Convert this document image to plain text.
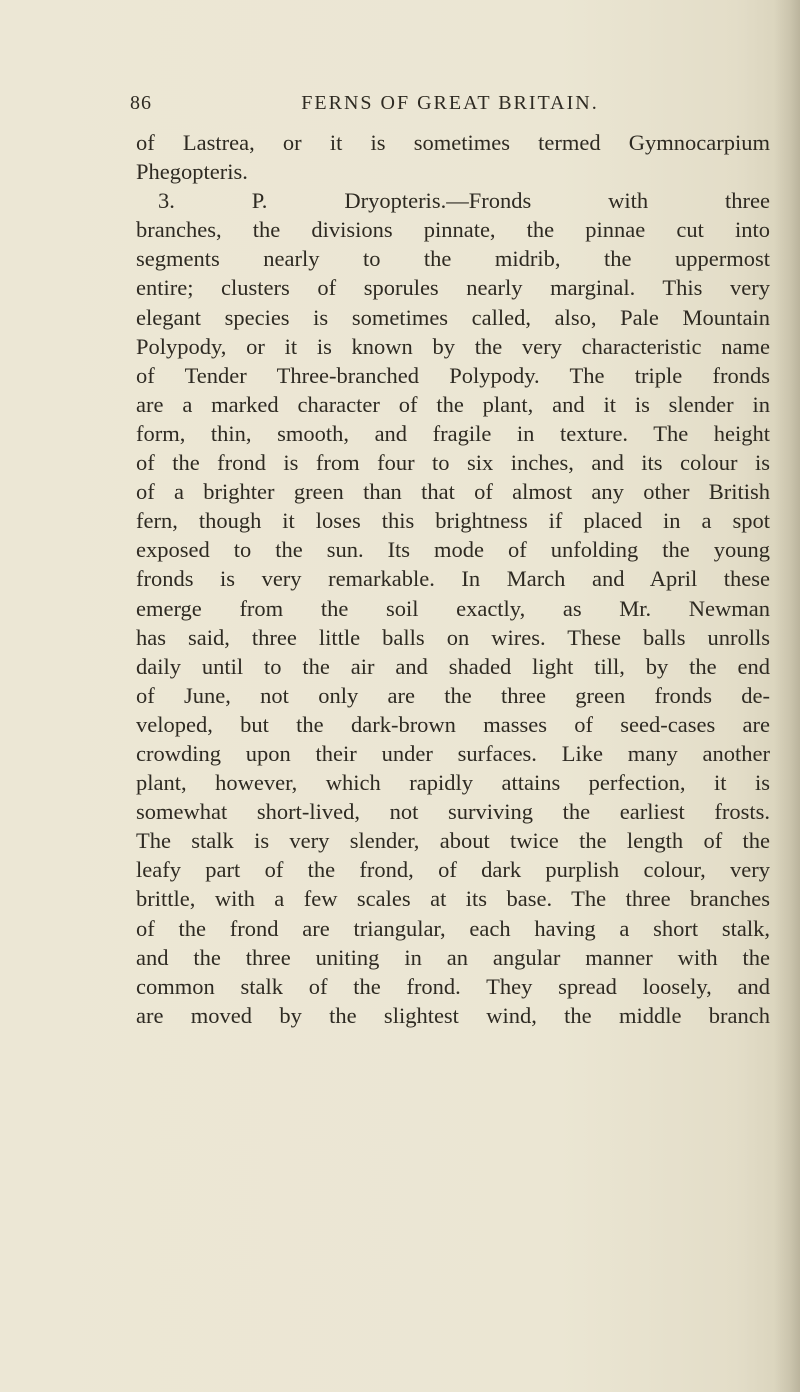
86	FERNS OF GREAT BRITAIN.
of Lastrea, or it is sometimes termed Gymnocarpium
Phegopteris.
3. P. Dryopteris.—Fronds with three
branches, the divisions pinnate, the pinnae cut into
segments nearly to the midrib, the uppermost
entire; clusters of sporules nearly marginal. This very
elegant species is sometimes called, also, Pale Mountain
Polypody, or it is known by the very characteristic name
of Tender Three-branched Polypody. The triple fronds
are a marked character of the plant, and it is slender in
form, thin, smooth, and fragile in texture. The height
of the frond is from four to six inches, and its colour is
of a brighter green than that of almost any other British
fern, though it loses this brightness if placed in a spot
exposed to the sun. Its mode of unfolding the young
fronds is very remarkable. In March and April these
emerge from the soil exactly, as Mr. Newman
has said, three little balls on wires. These balls unrolls
daily until to the air and shaded light till, by the end
of June, not only are the three green fronds de-
veloped, but the dark-brown masses of seed-cases are
crowding upon their under surfaces. Like many another
plant, however, which rapidly attains perfection, it is
somewhat short-lived, not surviving the earliest frosts.
The stalk is very slender, about twice the length of the
leafy part of the frond, of dark purplish colour, very
brittle, with a few scales at its base. The three branches
of the frond are triangular, each having a short stalk,
and the three uniting in an angular manner with the
common stalk of the frond. They spread loosely, and
are moved by the slightest wind, the middle branch
